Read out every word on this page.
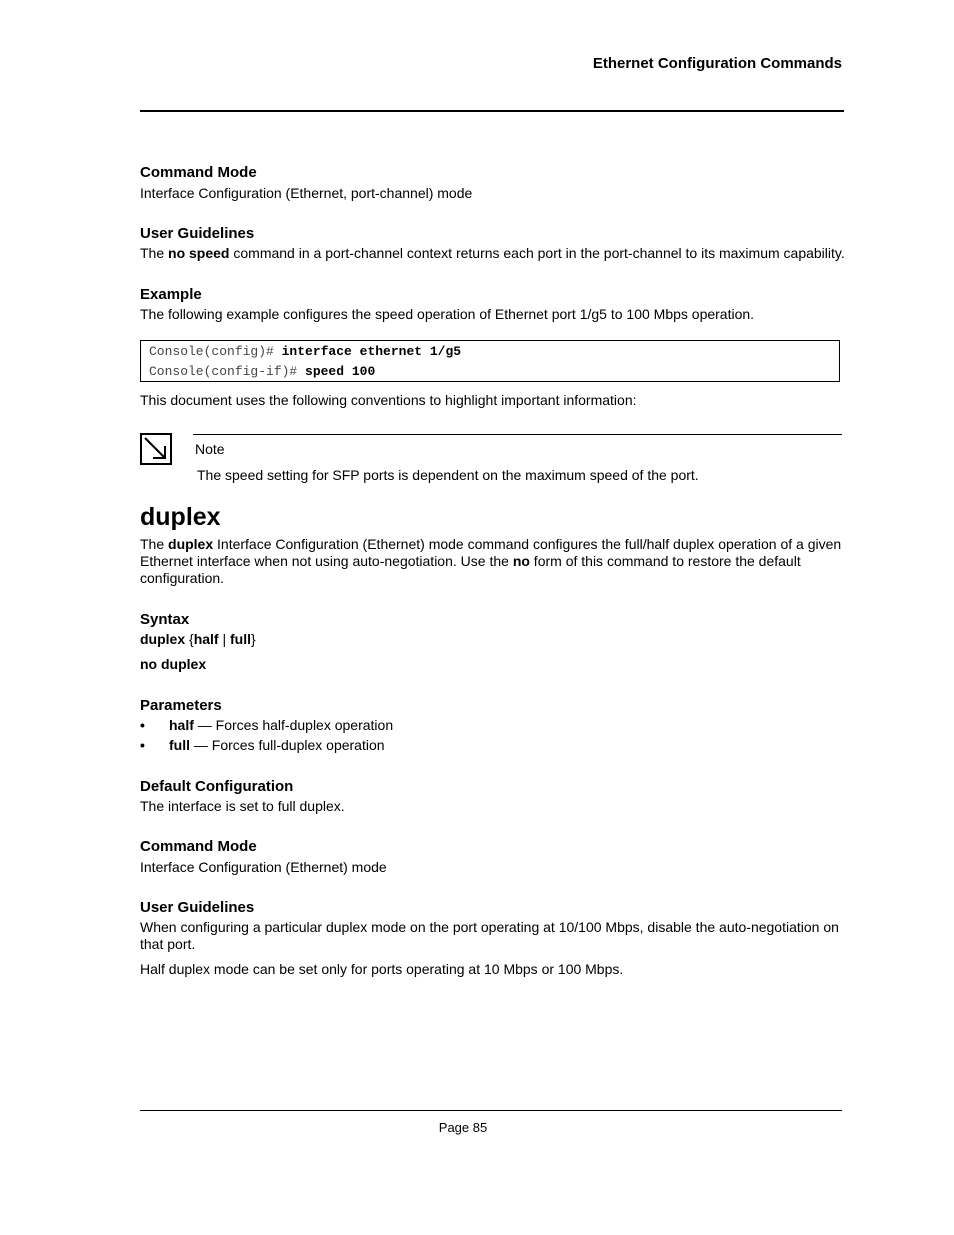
Ethernet Configuration Commands
Command Mode
Interface Configuration (Ethernet, port-channel) mode
User Guidelines
The no speed command in a port-channel context returns each port in the port-channel to its maximum capability.
Example
The following example configures the speed operation of Ethernet port 1/g5 to 100 Mbps operation.
Console(config)# interface ethernet 1/g5
Console(config-if)# speed 100
This document uses the following conventions to highlight important information:
Note
The speed setting for SFP ports is dependent on the maximum speed of the port.
duplex
The duplex Interface Configuration (Ethernet) mode command configures the full/half duplex operation of a given Ethernet interface when not using auto-negotiation. Use the no form of this command to restore the default configuration.
Syntax
duplex {half | full}
no duplex
Parameters
• half — Forces half-duplex operation
• full — Forces full-duplex operation
Default Configuration
The interface is set to full duplex.
Command Mode
Interface Configuration (Ethernet) mode
User Guidelines
When configuring a particular duplex mode on the port operating at 10/100 Mbps, disable the auto-negotiation on that port.
Half duplex mode can be set only for ports operating at 10 Mbps or 100 Mbps.
Page 85
